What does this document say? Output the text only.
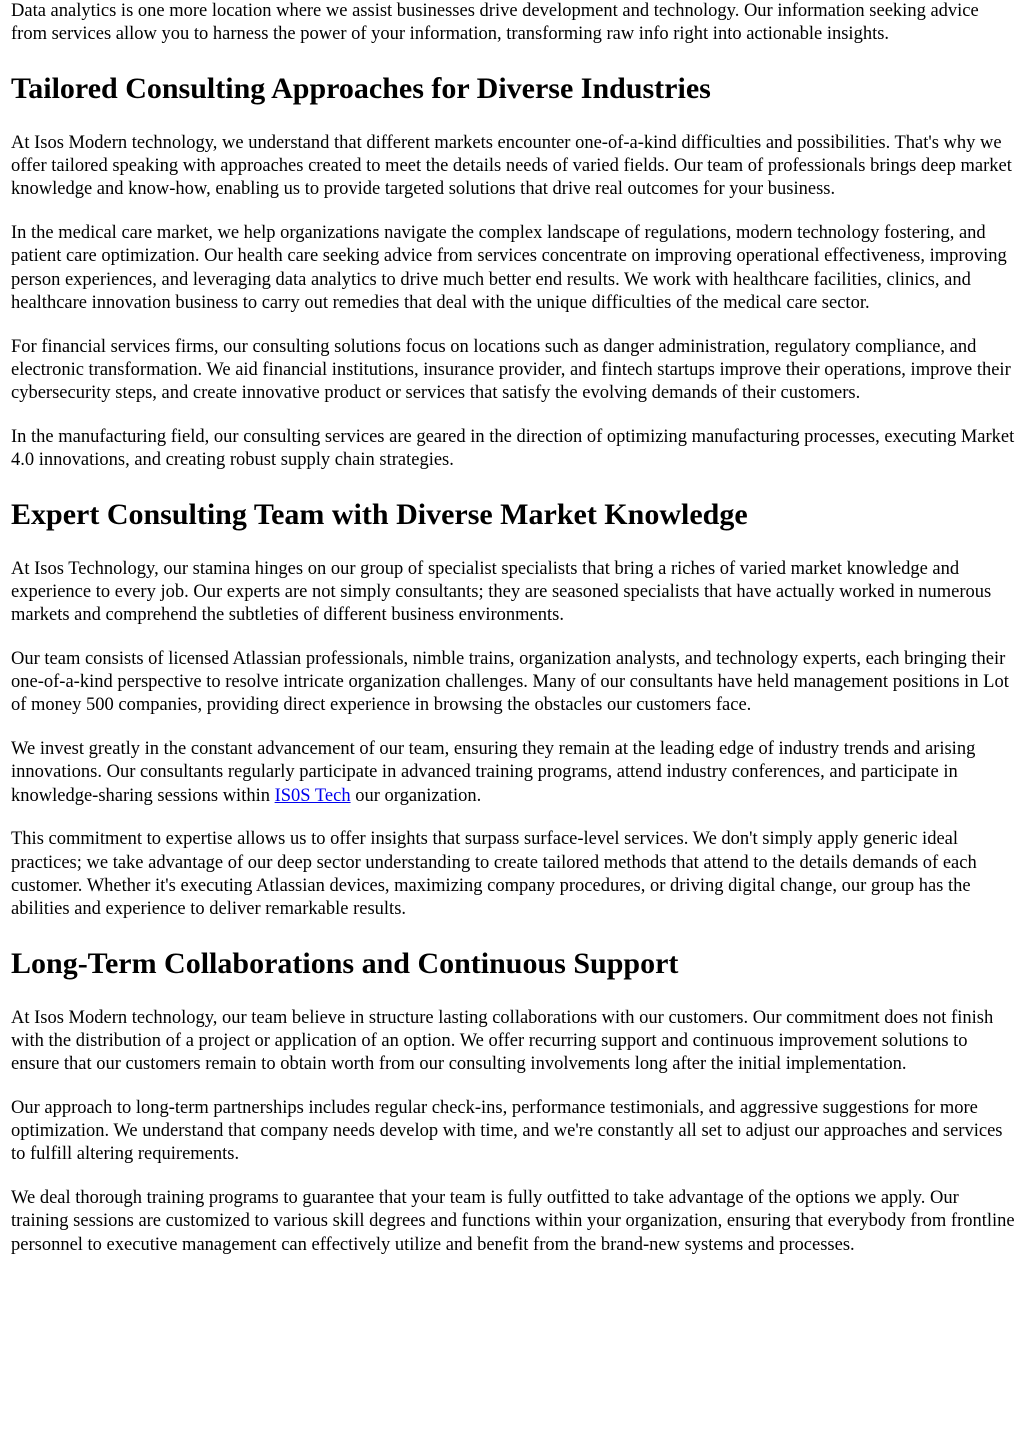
Data analytics is one more location where we assist businesses drive development and technology. Our information seeking advice from services allow you to harness the power of your information, transforming raw info right into actionable insights.

Tailored Consulting Approaches for Diverse Industries

At Isos Modern technology, we understand that different markets encounter one-of-a-kind difficulties and possibilities. That's why we offer tailored speaking with approaches created to meet the details needs of varied fields. Our team of professionals brings deep market knowledge and know-how, enabling us to provide targeted solutions that drive real outcomes for your business.

In the medical care market, we help organizations navigate the complex landscape of regulations, modern technology fostering, and patient care optimization. Our health care seeking advice from services concentrate on improving operational effectiveness, improving person experiences, and leveraging data analytics to drive much better end results. We work with healthcare facilities, clinics, and healthcare innovation business to carry out remedies that deal with the unique difficulties of the medical care sector.

For financial services firms, our consulting solutions focus on locations such as danger administration, regulatory compliance, and electronic transformation. We aid financial institutions, insurance provider, and fintech startups improve their operations, improve their cybersecurity steps, and create innovative product or services that satisfy the evolving demands of their customers.

In the manufacturing field, our consulting services are geared in the direction of optimizing manufacturing processes, executing Market 4.0 innovations, and creating robust supply chain strategies.

Expert Consulting Team with Diverse Market Knowledge

At Isos Technology, our stamina hinges on our group of specialist specialists that bring a riches of varied market knowledge and experience to every job. Our experts are not simply consultants; they are seasoned specialists that have actually worked in numerous markets and comprehend the subtleties of different business environments.

Our team consists of licensed Atlassian professionals, nimble trains, organization analysts, and technology experts, each bringing their one-of-a-kind perspective to resolve intricate organization challenges. Many of our consultants have held management positions in Lot of money 500 companies, providing direct experience in browsing the obstacles our customers face.

We invest greatly in the constant advancement of our team, ensuring they remain at the leading edge of industry trends and arising innovations. Our consultants regularly participate in advanced training programs, attend industry conferences, and participate in knowledge-sharing sessions within IS0S Tech our organization.

This commitment to expertise allows us to offer insights that surpass surface-level services. We don't simply apply generic ideal practices; we take advantage of our deep sector understanding to create tailored methods that attend to the details demands of each customer. Whether it's executing Atlassian devices, maximizing company procedures, or driving digital change, our group has the abilities and experience to deliver remarkable results.

Long-Term Collaborations and Continuous Support

At Isos Modern technology, our team believe in structure lasting collaborations with our customers. Our commitment does not finish with the distribution of a project or application of an option. We offer recurring support and continuous improvement solutions to ensure that our customers remain to obtain worth from our consulting involvements long after the initial implementation.

Our approach to long-term partnerships includes regular check-ins, performance testimonials, and aggressive suggestions for more optimization. We understand that company needs develop with time, and we're constantly all set to adjust our approaches and services to fulfill altering requirements.

We deal thorough training programs to guarantee that your team is fully outfitted to take advantage of the options we apply. Our training sessions are customized to various skill degrees and functions within your organization, ensuring that everybody from frontline personnel to executive management can effectively utilize and benefit from the brand-new systems and processes.
